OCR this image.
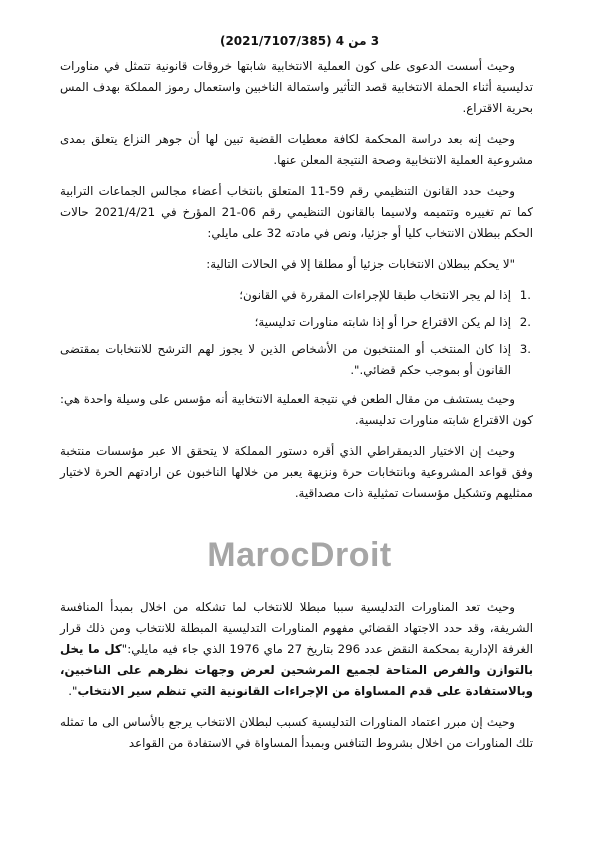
3 من 4 (2021/7107/385)

وحيث أسست الدعوى على كون العملية الانتخابية شابتها خروقات قانونية تتمثل في مناورات تدليسية أثناء الحملة الانتخابية قصد التأثير واستمالة الناخبين واستعمال رموز المملكة بهدف المس بحرية الاقتراع.

وحيث إنه بعد دراسة المحكمة لكافة معطيات القضية تبين لها أن جوهر النزاع يتعلق بمدى مشروعية العملية الانتخابية وصحة النتيجة المعلن عنها.

وحيث حدد القانون التنظيمي رقم 59-11 المتعلق بانتخاب أعضاء مجالس الجماعات الترابية كما تم تغييره وتتميمه ولاسيما بالقانون التنظيمي رقم 06-21 المؤرخ في 2021/4/21 حالات الحكم ببطلان الانتخاب كليا أو جزئيا، ونص في مادته 32 على مايلي:

"لا يحكم ببطلان الانتخابات جزئيا أو مطلقا إلا في الحالات التالية:

.1
إذا لم يجر الانتخاب طبقا للإجراءات المقررة في القانون؛
.2
إذا لم يكن الاقتراع حرا أو إذا شابته مناورات تدليسية؛
.3
إذا كان المنتخب أو المنتخبون من الأشخاص الذين لا يجوز لهم الترشح للانتخابات بمقتضى القانون أو بموجب حكم قضائي.".

وحيث يستشف من مقال الطعن في نتيجة العملية الانتخابية أنه مؤسس على وسيلة واحدة هي: كون الاقتراع شابته مناورات تدليسية.

وحيث إن الاختيار الديمقراطي الذي أقره دستور المملكة لا يتحقق الا عبر مؤسسات منتخبة وفق قواعد المشروعية وبانتخابات حرة ونزيهة يعبر من خلالها الناخبون عن ارادتهم الحرة لاختيار ممثليهم وتشكيل مؤسسات تمثيلية ذات مصداقية.

MarocDroit

وحيث تعد المناورات التدليسية سببا مبطلا للانتخاب لما تشكله من اخلال بمبدأ المنافسة الشريفة، وقد حدد الاجتهاد القضائي مفهوم المناورات التدليسية المبطلة للانتخاب ومن ذلك قرار الغرفة الإدارية بمحكمة النقض عدد 296 بتاريخ 27 ماي 1976 الذي جاء فيه مايلي:"كل ما يخل بالتوازن والفرص المتاحة لجميع المرشحين لعرض وجهات نظرهم على الناخبين، وبالاستفادة على قدم المساواة من الإجراءات القانونية التي تنظم سير الانتخاب".

وحيث إن مبرر اعتماد المناورات التدليسية كسبب لبطلان الانتخاب يرجع بالأساس الى ما تمثله تلك المناورات من اخلال بشروط التنافس وبمبدأ المساواة في الاستفادة من القواعد
